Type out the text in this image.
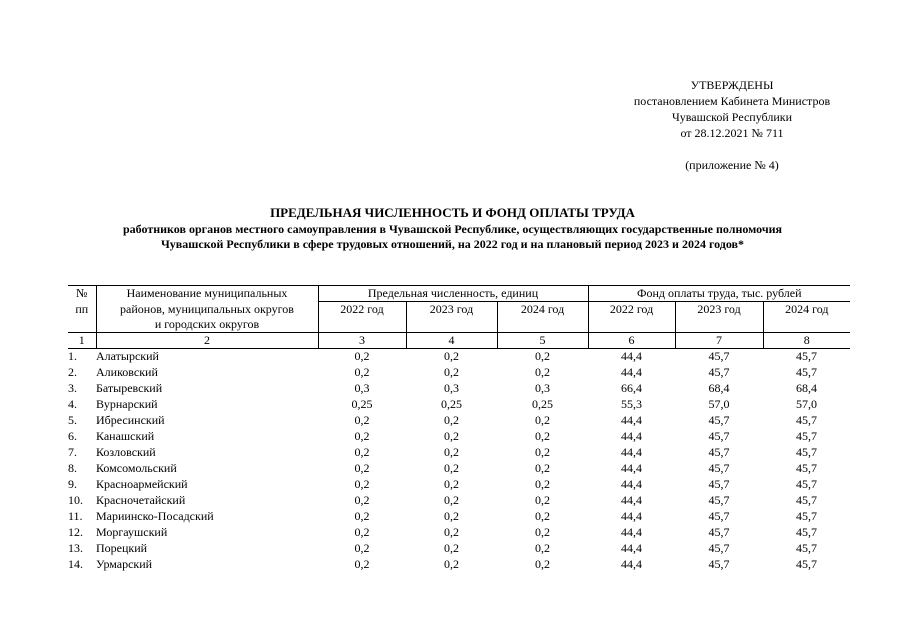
УТВЕРЖДЕНЫ
постановлением Кабинета Министров
Чувашской Республики
от 28.12.2021 № 711
(приложение № 4)
ПРЕДЕЛЬНАЯ ЧИСЛЕННОСТЬ И ФОНД ОПЛАТЫ ТРУДА
работников органов местного самоуправления в Чувашской Республике, осуществляющих государственные полномочия
Чувашской Республики в сфере трудовых отношений, на 2022 год и на плановый период 2023 и 2024 годов*
№	Наименование муниципальных	Предельная численность, единиц			Фонд оплаты труда, тыс. рублей		
пп	районов, муниципальных округов	2022 год	2023 год	2024 год	2022 год	2023 год	2024 год
	и городских округов						
1	2	3	4	5	6	7	8
1.	Алатырский	0,2	0,2	0,2	44,4	45,7	45,7
2.	Аликовский	0,2	0,2	0,2	44,4	45,7	45,7
3.	Батыревский	0,3	0,3	0,3	66,4	68,4	68,4
4.	Вурнарский	0,25	0,25	0,25	55,3	57,0	57,0
5.	Ибресинский	0,2	0,2	0,2	44,4	45,7	45,7
6.	Канашский	0,2	0,2	0,2	44,4	45,7	45,7
7.	Козловский	0,2	0,2	0,2	44,4	45,7	45,7
8.	Комсомольский	0,2	0,2	0,2	44,4	45,7	45,7
9.	Красноармейский	0,2	0,2	0,2	44,4	45,7	45,7
10.	Красночетайский	0,2	0,2	0,2	44,4	45,7	45,7
11.	Мариинско-Посадский	0,2	0,2	0,2	44,4	45,7	45,7
12.	Моргаушский	0,2	0,2	0,2	44,4	45,7	45,7
13.	Порецкий	0,2	0,2	0,2	44,4	45,7	45,7
14.	Урмарский	0,2	0,2	0,2	44,4	45,7	45,7
